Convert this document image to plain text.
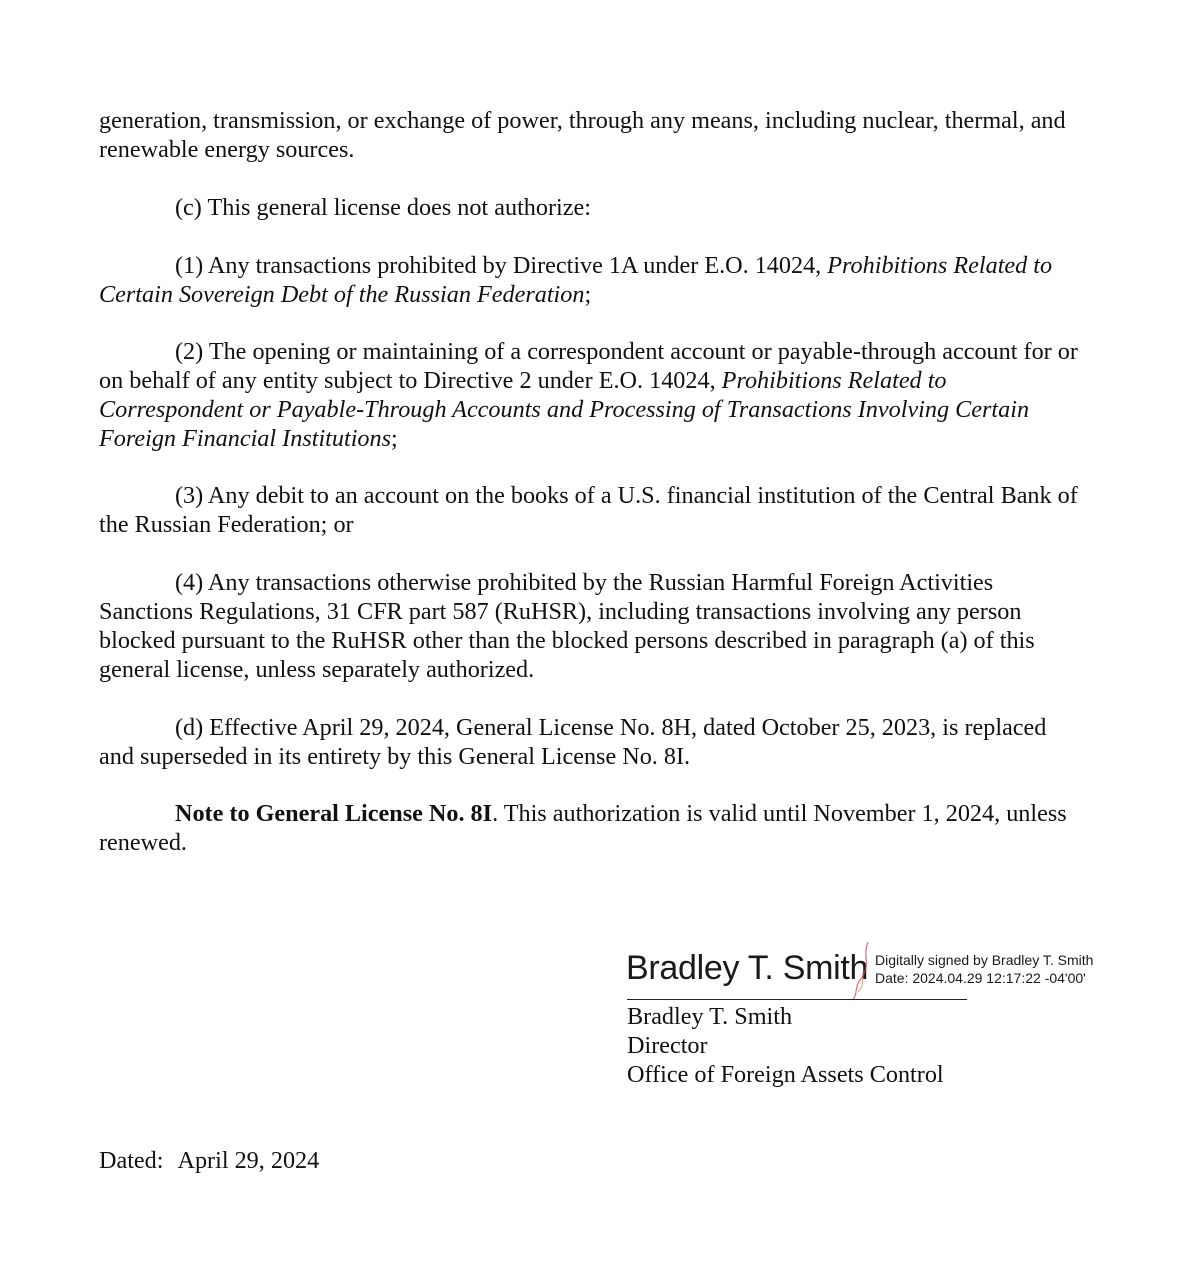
generation, transmission, or exchange of power, through any means, including nuclear, thermal, and renewable energy sources.

(c) This general license does not authorize:

(1) Any transactions prohibited by Directive 1A under E.O. 14024, Prohibitions Related to Certain Sovereign Debt of the Russian Federation;

(2) The opening or maintaining of a correspondent account or payable-through account for or on behalf of any entity subject to Directive 2 under E.O. 14024, Prohibitions Related to Correspondent or Payable-Through Accounts and Processing of Transactions Involving Certain Foreign Financial Institutions;

(3) Any debit to an account on the books of a U.S. financial institution of the Central Bank of the Russian Federation; or

(4) Any transactions otherwise prohibited by the Russian Harmful Foreign Activities Sanctions Regulations, 31 CFR part 587 (RuHSR), including transactions involving any person blocked pursuant to the RuHSR other than the blocked persons described in paragraph (a) of this general license, unless separately authorized.

(d) Effective April 29, 2024, General License No. 8H, dated October 25, 2023, is replaced and superseded in its entirety by this General License No. 8I.

Note to General License No. 8I. This authorization is valid until November 1, 2024, unless renewed.

Bradley T. Smith Digitally signed by Bradley T. Smith
Date: 2024.04.29 12:17:22 -04'00'

Bradley T. Smith

Director

Office of Foreign Assets Control

Dated: April 29, 2024
